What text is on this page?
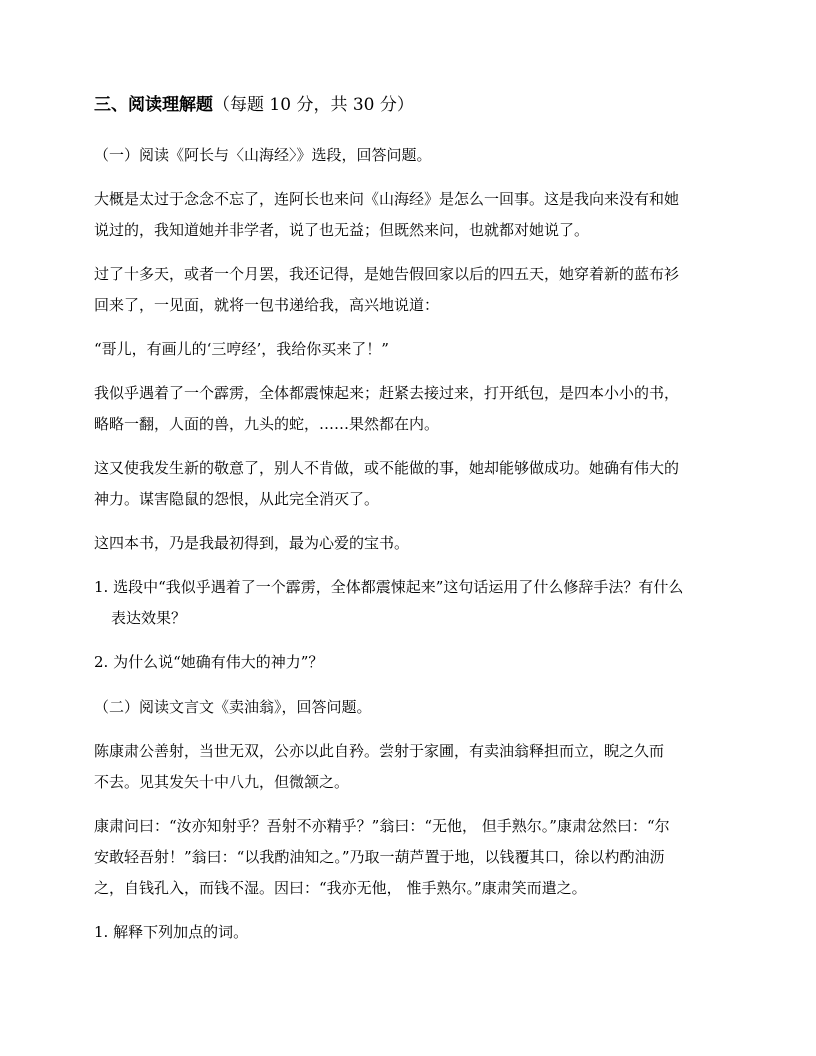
三、阅读理解题（每题 10 分，共 30 分）

（一）阅读《阿长与〈山海经〉》选段，回答问题。

大概是太过于念念不忘了，连阿长也来问《山海经》是怎么一回事。这是我向来没有和她

说过的，我知道她并非学者，说了也无益；但既然来问，也就都对她说了。

过了十多天，或者一个月罢，我还记得，是她告假回家以后的四五天，她穿着新的蓝布衫

回来了，一见面，就将一包书递给我，高兴地说道：

“哥儿，有画儿的‘三哼经’，我给你买来了！”

我似乎遇着了一个霹雳，全体都震悚起来；赶紧去接过来，打开纸包，是四本小小的书，

略略一翻，人面的兽，九头的蛇，……果然都在内。

这又使我发生新的敬意了，别人不肯做，或不能做的事，她却能够做成功。她确有伟大的

神力。谋害隐鼠的怨恨，从此完全消灭了。

这四本书，乃是我最初得到，最为心爱的宝书。

1. 选段中“我似乎遇着了一个霹雳，全体都震悚起来”这句话运用了什么修辞手法？有什么

表达效果？

2. 为什么说“她确有伟大的神力”？

（二）阅读文言文《卖油翁》，回答问题。

陈康肃公善射，当世无双，公亦以此自矜。尝射于家圃，有卖油翁释担而立，睨之久而

不去。见其发矢十中八九，但微颔之。

康肃问曰：“汝亦知射乎？吾射不亦精乎？”翁曰：“无他， 但手熟尔。”康肃忿然曰：“尔

安敢轻吾射！”翁曰：“以我酌油知之。”乃取一葫芦置于地，以钱覆其口，徐以杓酌油沥

之，自钱孔入，而钱不湿。因曰：“我亦无他， 惟手熟尔。”康肃笑而遣之。

1. 解释下列加点的词。
